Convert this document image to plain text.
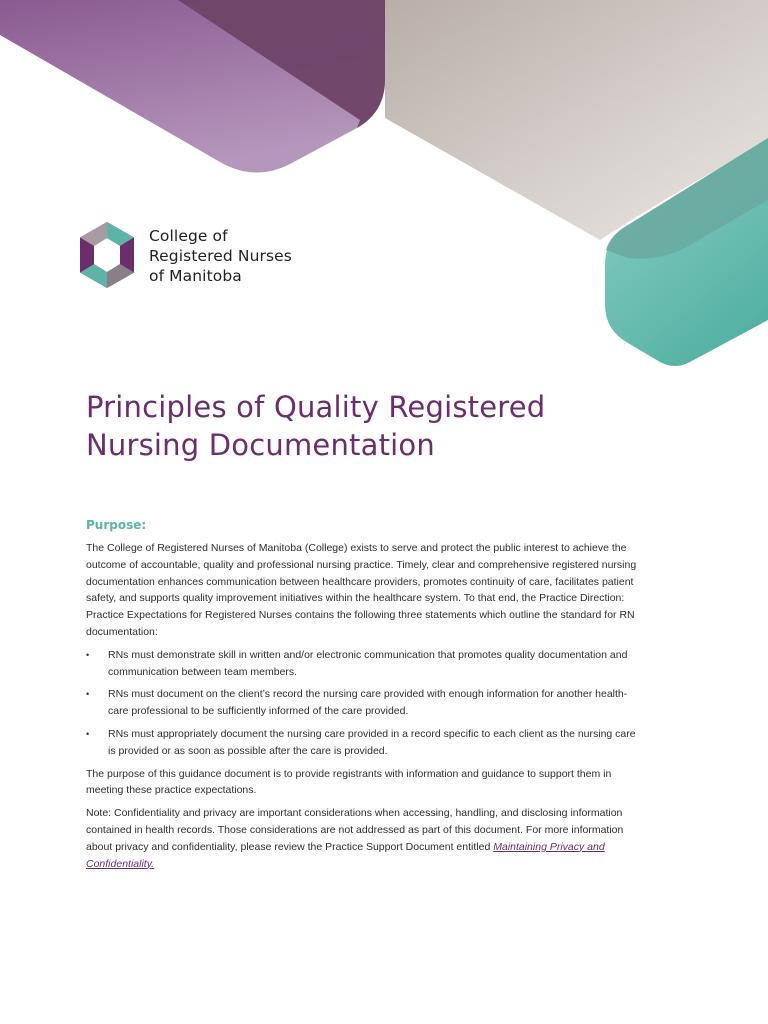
College of
Registered Nurses
of Manitoba
Principles of Quality Registered
Nursing Documentation
Purpose:

The College of Registered Nurses of Manitoba (College) exists to serve and protect the public interest to achieve the outcome of accountable, quality and professional nursing practice. Timely, clear and comprehensive registered nursing documentation enhances communication between healthcare providers, promotes continuity of care, facilitates patient safety, and supports quality improvement initiatives within the healthcare system. To that end, the Practice Direction: Practice Expectations for Registered Nurses contains the following three statements which outline the standard for RN documentation:

• RNs must demonstrate skill in written and/or electronic communication that promotes quality documentation and communication between team members.
• RNs must document on the client’s record the nursing care provided with enough information for another health-care professional to be sufficiently informed of the care provided.
• RNs must appropriately document the nursing care provided in a record specific to each client as the nursing care is provided or as soon as possible after the care is provided.

The purpose of this guidance document is to provide registrants with information and guidance to support them in meeting these practice expectations.

Note: Confidentiality and privacy are important considerations when accessing, handling, and disclosing information contained in health records. Those considerations are not addressed as part of this document. For more information about privacy and confidentiality, please review the Practice Support Document entitled Maintaining Privacy and Confidentiality.
